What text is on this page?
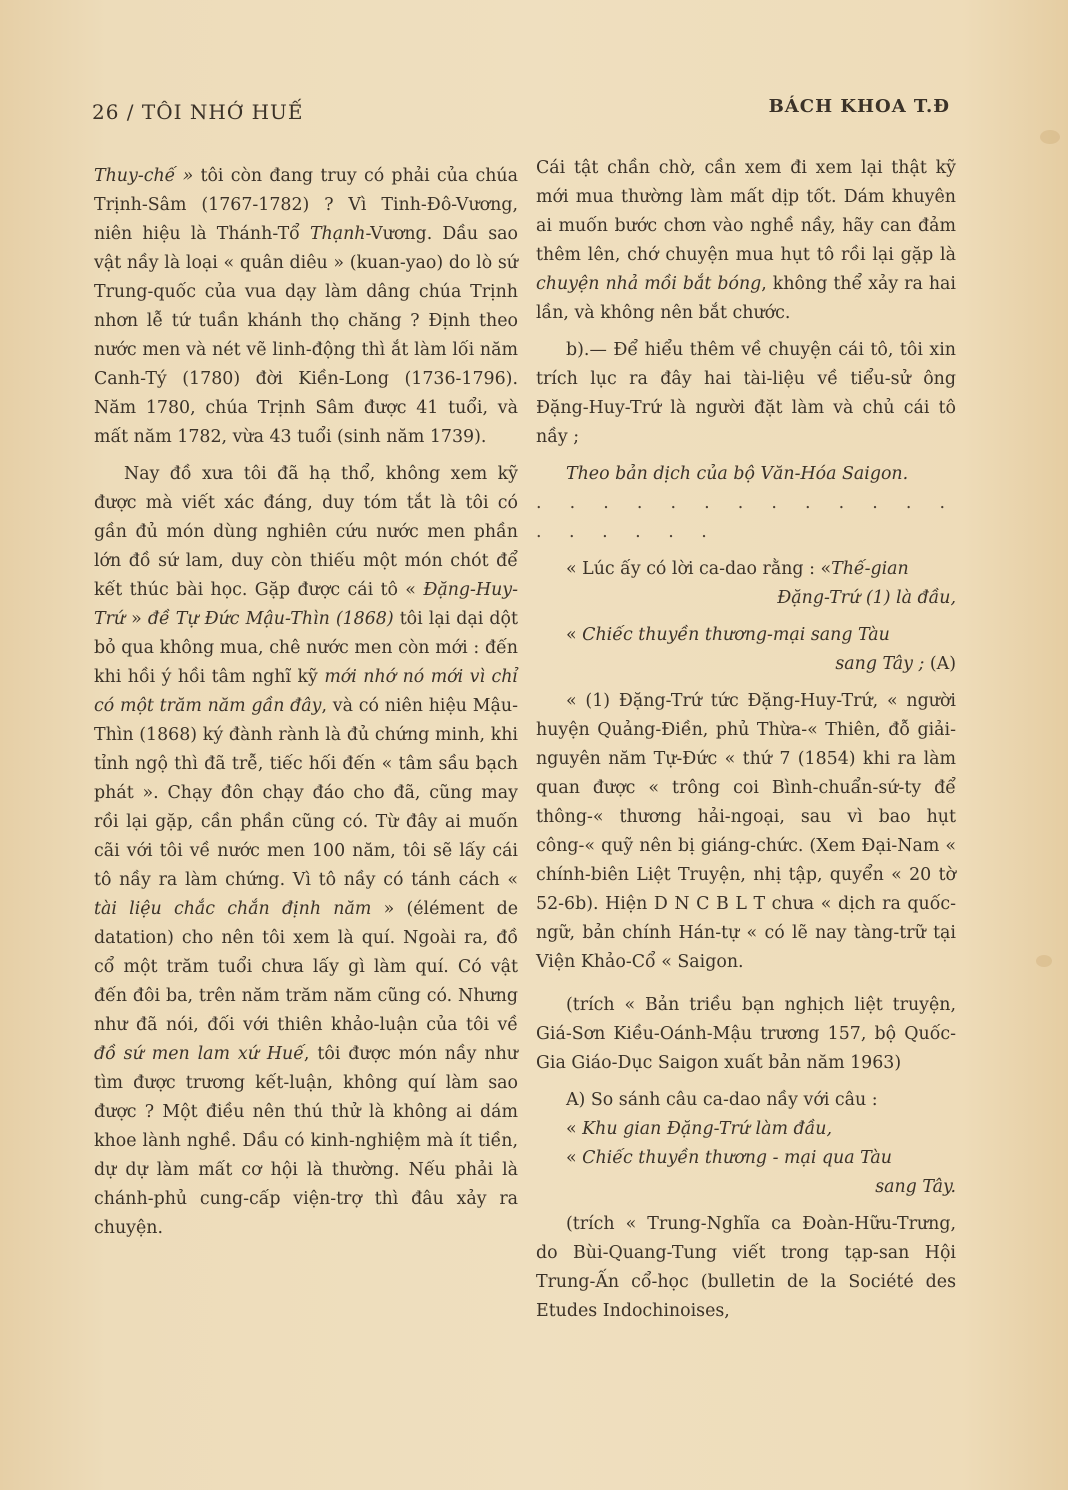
26 / TÔI NHỚ HUẾ	BÁCH KHOA T.Đ

Thuy-chế » tôi còn đang truy có phải của chúa Trịnh-Sâm (1767-1782) ? Vì Tinh-Đô-Vương, niên hiệu là Thánh-Tổ Thạnh-Vương. Dầu sao vật nầy là loại « quân diêu » (kuan-yao) do lò sứ Trung-quốc của vua dạy làm dâng chúa Trịnh nhơn lễ tứ tuần khánh thọ chăng ? Định theo nước men và nét vẽ linh-động thì ắt làm lối năm Canh-Tý (1780) đời Kiền-Long (1736-1796). Năm 1780, chúa Trịnh Sâm được 41 tuổi, và mất năm 1782, vừa 43 tuổi (sinh năm 1739).

Nay đồ xưa tôi đã hạ thổ, không xem kỹ được mà viết xác đáng, duy tóm tắt là tôi có gần đủ món dùng nghiên cứu nước men phần lớn đồ sứ lam, duy còn thiếu một món chót để kết thúc bài học. Gặp được cái tô « Đặng-Huy-Trứ » đề Tự Đức Mậu-Thìn (1868) tôi lại dại dột bỏ qua không mua, chê nước men còn mới : đến khi hồi ý hồi tâm nghĩ kỹ mới nhớ nó mới vì chỉ có một trăm năm gần đây, và có niên hiệu Mậu-Thìn (1868) ký đành rành là đủ chứng minh, khi tỉnh ngộ thì đã trễ, tiếc hối đến « tâm sầu bạch phát ». Chạy đôn chạy đáo cho đã, cũng may rồi lại gặp, cần phần cũng có. Từ đây ai muốn cãi với tôi về nước men 100 năm, tôi sẽ lấy cái tô nầy ra làm chứng. Vì tô nầy có tánh cách « tài liệu chắc chắn định năm » (élément de datation) cho nên tôi xem là quí. Ngoài ra, đồ cổ một trăm tuổi chưa lấy gì làm quí. Có vật đến đôi ba, trên năm trăm năm cũng có. Nhưng như đã nói, đối với thiên khảo-luận của tôi về đồ sứ men lam xứ Huế, tôi được món nầy như tìm được trương kết-luận, không quí làm sao được ? Một điều nên thú thử là không ai dám khoe lành nghề. Dầu có kinh-nghiệm mà ít tiền, dự dự làm mất cơ hội là thường. Nếu phải là chánh-phủ cung-cấp viện-trợ thì đâu xảy ra chuyện.

Cái tật chần chờ, cần xem đi xem lại thật kỹ mới mua thường làm mất dịp tốt. Dám khuyên ai muốn bước chơn vào nghề nầy, hãy can đảm thêm lên, chớ chuyện mua hụt tô rồi lại gặp là chuyện nhả mồi bắt bóng, không thể xảy ra hai lần, và không nên bắt chước.

b).— Để hiểu thêm về chuyện cái tô, tôi xin trích lục ra đây hai tài-liệu về tiểu-sử ông Đặng-Huy-Trứ là người đặt làm và chủ cái tô nầy ;

Theo bản dịch của bộ Văn-Hóa Saigon.

. . . . . . . . . . . . . . . . . . .

« Lúc ấy có lời ca-dao rằng : «Thế-gian

Đặng-Trứ (1) là đầu,

« Chiếc thuyền thương-mại sang Tàu

sang Tây ; (A)

« (1) Đặng-Trứ tức Đặng-Huy-Trứ, « người huyện Quảng-Điền, phủ Thừa-« Thiên, đỗ giải-nguyên năm Tự-Đức « thứ 7 (1854) khi ra làm quan được « trông coi Bình-chuẩn-sứ-ty để thông-« thương hải-ngoại, sau vì bao hụt công-« quỹ nên bị giáng-chức. (Xem Đại-Nam « chính-biên Liệt Truyện, nhị tập, quyển « 20 tờ 52-6b). Hiện D N C B L T chưa « dịch ra quốc-ngữ, bản chính Hán-tự « có lẽ nay tàng-trữ tại Viện Khảo-Cổ « Saigon.

(trích « Bản triều bạn nghịch liệt truyện, Giá-Sơn Kiều-Oánh-Mậu trương 157, bộ Quốc-Gia Giáo-Dục Saigon xuất bản năm 1963)

A) So sánh câu ca-dao nầy với câu :

« Khu gian Đặng-Trứ làm đầu,

« Chiếc thuyền thương - mại qua Tàu

sang Tây.

(trích « Trung-Nghĩa ca Đoàn-Hữu-Trưng, do Bùi-Quang-Tung viết trong tạp-san Hội Trung-Ấn cổ-học (bulletin de la Société des Etudes Indochinoises,
